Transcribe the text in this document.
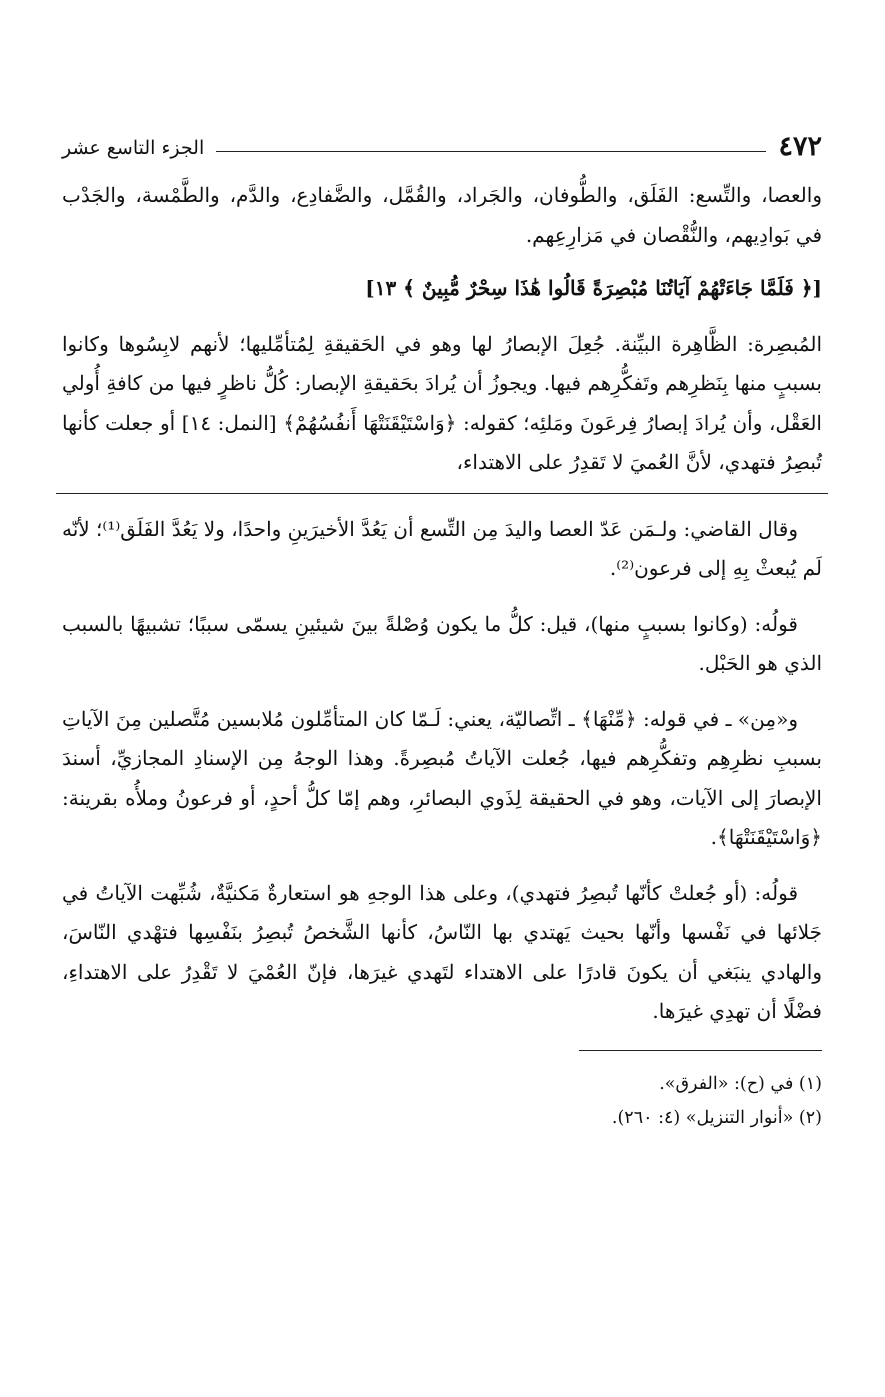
٤٧٢
الجزء التاسع عشر

والعصا، والتِّسع: الفَلَق، والطُّوفان، والجَراد، والقُمَّل، والضَّفادِع، والدَّم، والطَّمْسة، والجَدْب في بَوادِيهم، والنُّقْصان في مَزارِعِهم.

[﴿ فَلَمَّا جَاءَتْهُمْ آيَاتُنَا مُبْصِرَةً قَالُوا هَٰذَا سِحْرٌ مُّبِينٌ ﴾ ١٣]

المُبصِرة: الظَّاهِرة البيِّنة. جُعِلَ الإبصارُ لها وهو في الحَقيقةِ لِمُتأمِّليها؛ لأنهم لابِسُوها وكانوا بسببٍ منها بِنَظرِهم وتَفكُّرِهم فيها. ويجوزُ أن يُرادَ بحَقيقةِ الإبصار: كُلُّ ناظرٍ فيها من كافةِ أُولي العَقْل، وأن يُرادَ إبصارُ فِرعَونَ ومَلئِه؛ كقوله: ﴿وَاسْتَيْقَنَتْهَا أَنفُسُهُمْ﴾ [النمل: ١٤] أو جعلت كأنها تُبصِرُ فتهدي، لأنَّ العُميَ لا تَقدِرُ على الاهتداء،

وقال القاضي: ولـمَن عَدّ العصا واليدَ مِن التِّسع أن يَعُدَّ الأخيرَينِ واحدًا، ولا يَعُدَّ الفَلَق⁽¹⁾؛ لأنّه لَم يُبعثْ بِهِ إلى فرعون⁽²⁾.

قولُه: (وكانوا بسببٍ منها)، قيل: كلُّ ما يكون وُصْلةً بينَ شيئينِ يسمّى سببًا؛ تشبيهًا بالسبب الذي هو الحَبْل.

و«مِن» ـ في قوله: ﴿مِّنْهَا﴾ ـ اتِّصاليّة، يعني: لَـمّا كان المتأمِّلون مُلابسين مُتَّصلين مِنَ الآياتِ بسببِ نظرِهِم وتفكُّرِهم فيها، جُعلت الآياتُ مُبصِرةً. وهذا الوجهُ مِن الإسنادِ المجازيِّ، أسندَ الإبصارَ إلى الآيات، وهو في الحقيقة لِذَوي البصائرِ، وهم إمّا كلُّ أحدٍ، أو فرعونُ وملأُه بقرينة: ﴿وَاسْتَيْقَنَتْهَا﴾.

قولُه: (أو جُعلتْ كأنّها تُبصِرُ فتهدي)، وعلى هذا الوجهِ هو استعارةٌ مَكنيَّةٌ، شُبِّهت الآياتُ في جَلائها في نَفْسها وأنّها بحيث يَهتدي بها النّاسُ، كأنها الشَّخصُ تُبصِرُ بنَفْسِها فتهْدي النّاسَ، والهادي ينبَغي أن يكونَ قادرًا على الاهتداء لتَهدي غيرَها، فإنّ العُمْيَ لا تَقْدِرُ على الاهتداءِ، فضْلًا أن تهدِي غيرَها.

(١) في (ح): «الفرق».

(٢) «أنوار التنزيل» (٤: ٢٦٠).
